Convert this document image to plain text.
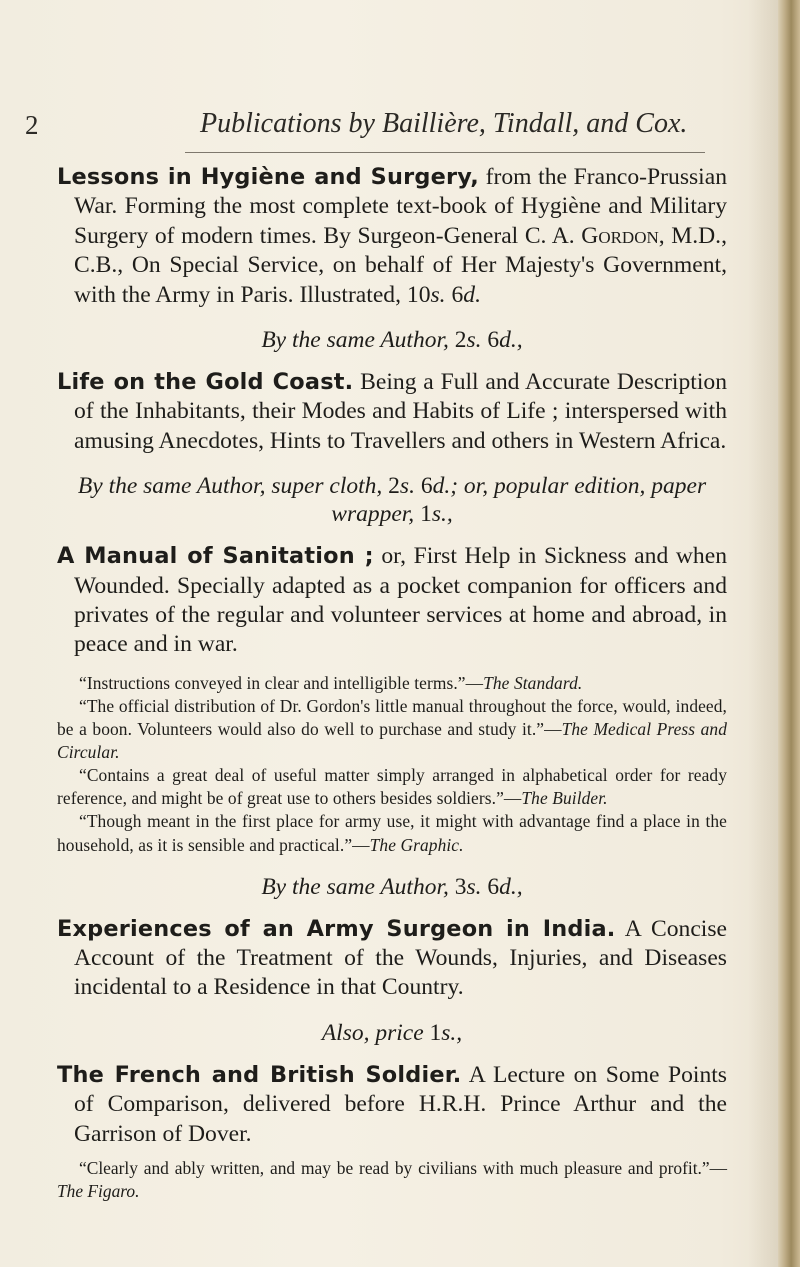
2	Publications by Baillière, Tindall, and Cox.

Lessons in Hygiène and Surgery, from the Franco-Prussian War. Forming the most complete text-book of Hygiène and Military Surgery of modern times. By Surgeon-General C. A. Gordon, M.D., C.B., On Special Service, on behalf of Her Majesty's Government, with the Army in Paris. Illustrated, 10s. 6d.

By the same Author, 2s. 6d.,

Life on the Gold Coast. Being a Full and Accurate Description of the Inhabitants, their Modes and Habits of Life ; interspersed with amusing Anecdotes, Hints to Travellers and others in Western Africa.

By the same Author, super cloth, 2s. 6d.; or, popular edition, paper wrapper, 1s.,

A Manual of Sanitation ; or, First Help in Sickness and when Wounded. Specially adapted as a pocket companion for officers and privates of the regular and volunteer services at home and abroad, in peace and in war.

“Instructions conveyed in clear and intelligible terms.”—The Standard.

“The official distribution of Dr. Gordon's little manual throughout the force, would, indeed, be a boon. Volunteers would also do well to purchase and study it.”—The Medical Press and Circular.

“Contains a great deal of useful matter simply arranged in alphabetical order for ready reference, and might be of great use to others besides soldiers.”—The Builder.

“Though meant in the first place for army use, it might with advantage find a place in the household, as it is sensible and practical.”—The Graphic.

By the same Author, 3s. 6d.,

Experiences of an Army Surgeon in India. A Concise Account of the Treatment of the Wounds, Injuries, and Diseases incidental to a Residence in that Country.

Also, price 1s.,

The French and British Soldier. A Lecture on Some Points of Comparison, delivered before H.R.H. Prince Arthur and the Garrison of Dover.

“Clearly and ably written, and may be read by civilians with much pleasure and profit.”—The Figaro.
